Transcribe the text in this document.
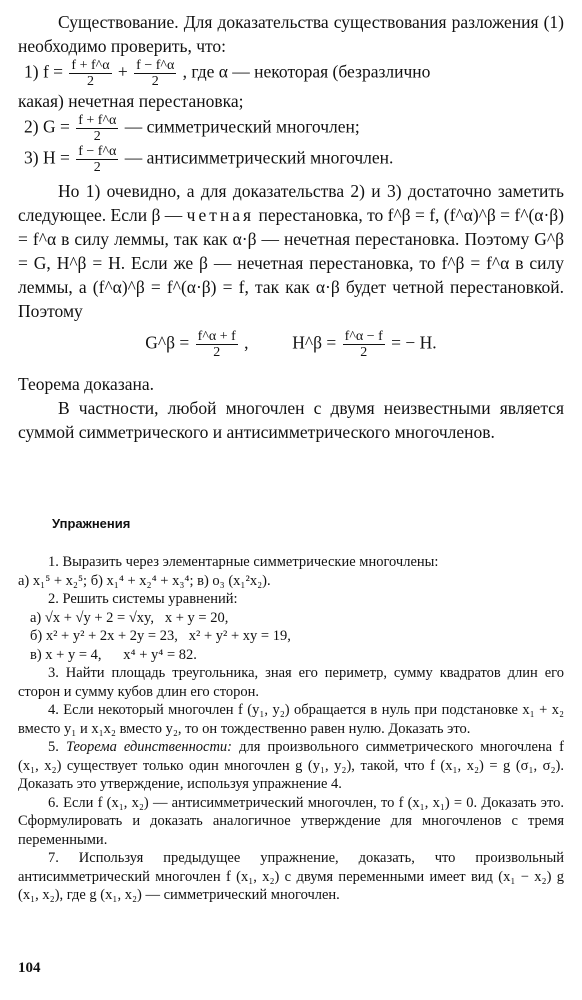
Существование. Для доказательства существования разложения (1) необходимо проверить, что:

1) $f = \frac{f + f\^{}\alpha}{2} + \frac{f - f\^{}\alpha}{2}$ , где α — некоторая (безразлично

какая) нечетная перестановка;

2) $G = \frac{f + f\^{}\alpha}{2}$ — симметрический многочлен;
3) $H = \frac{f - f\^{}\alpha}{2}$ — антисимметрический многочлен.

Но 1) очевидно, а для доказательства 2) и 3) достаточно заметить следующее. Если β — четная перестановка, то f^β = f, (f^α)^β = f^(α·β) = f^α в силу леммы, так как α·β — нечетная перестановка. Поэтому G^β = G, H^β = H. Если же β — нечетная перестановка, то f^β = f^α в силу леммы, а (f^α)^β = f^(α·β) = f, так как α·β будет четной перестановкой. Поэтому

G^β = $\frac{f\^{}\alpha + f}{2}$ ,          H^β = $\frac{f\^{}\alpha - f}{2}$ = − H.

Теорема доказана.

В частности, любой многочлен с двумя неизвестными является суммой симметрического и антисимметрического многочленов.

Упражнения

1. Выразить через элементарные симметрические многочлены:

а) x₁⁵ + x₂⁵; б) x₁⁴ + x₂⁴ + x₃⁴; в) o₃ (x₁²x₂).

2. Решить системы уравнений:

а) √x + √y + 2 = √xy, x + y = 20,
б) x² + y² + 2x + 2y = 23, x² + y² + xy = 19,
в) x + y = 4, x⁴ + y⁴ = 82.

3. Найти площадь треугольника, зная его периметр, сумму квадратов длин его сторон и сумму кубов длин его сторон.

4. Если некоторый многочлен f (y₁, y₂) обращается в нуль при подстановке x₁ + x₂ вместо y₁ и x₁x₂ вместо y₂, то он тождественно равен нулю. Доказать это.

5. Теорема единственности: для произвольного симметрического многочлена f (x₁, x₂) существует только один многочлен g (y₁, y₂), такой, что f (x₁, x₂) = g (σ₁, σ₂). Доказать это утверждение, используя упражнение 4.

6. Если f (x₁, x₂) — антисимметрический многочлен, то f (x₁, x₁) = 0. Доказать это. Сформулировать и доказать аналогичное утверждение для многочленов с тремя переменными.

7. Используя предыдущее упражнение, доказать, что произвольный антисимметрический многочлен f (x₁, x₂) с двумя переменными имеет вид (x₁ − x₂) g (x₁, x₂), где g (x₁, x₂) — симметрический многочлен.

104
